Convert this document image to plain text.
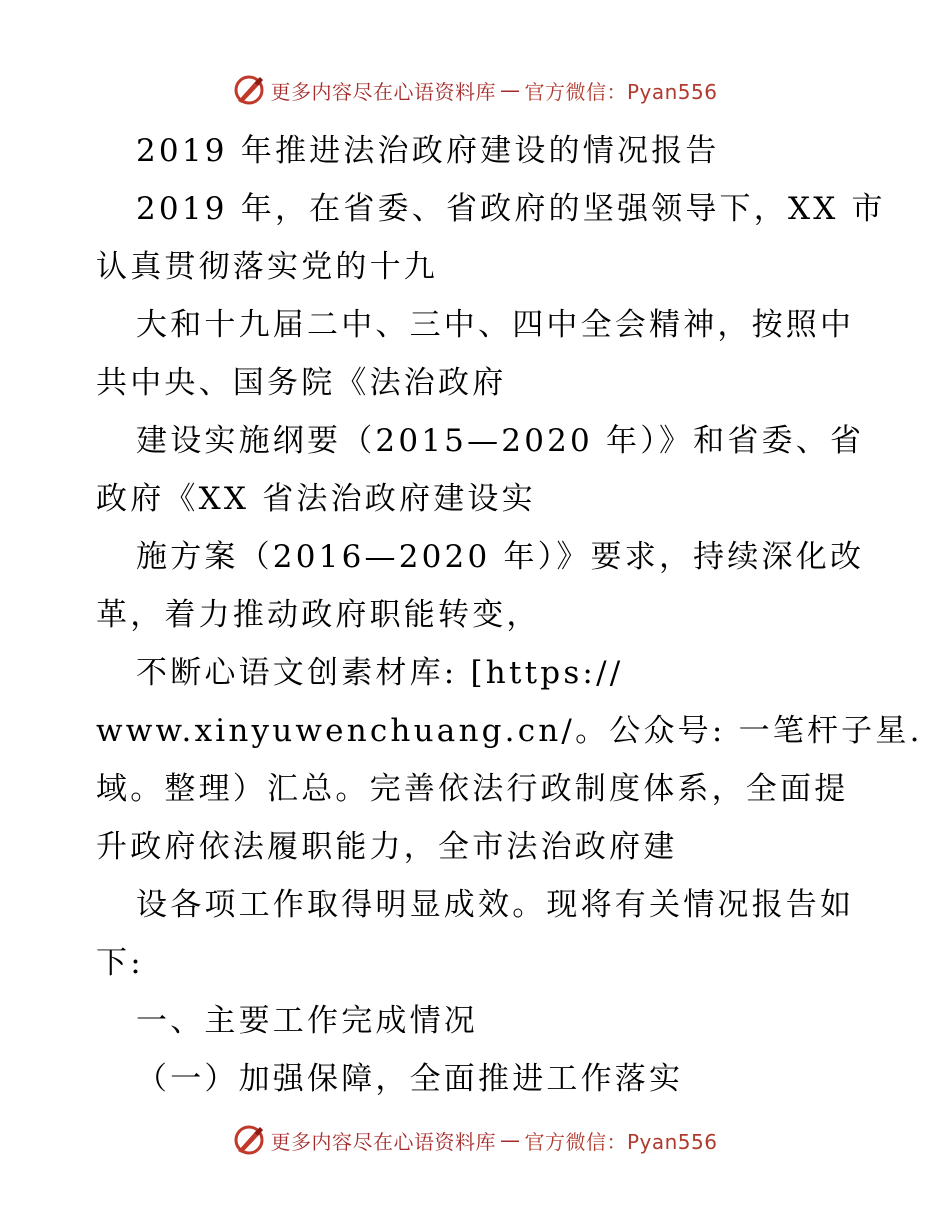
更多内容尽在心语资料库 — 官方微信：Pyan556
2019 年推进法治政府建设的情况报告
2019 年，在省委、省政府的坚强领导下，XX 市
认真贯彻落实党的十九
大和十九届二中、三中、四中全会精神，按照中
共中央、国务院《法治政府
建设实施纲要（2015—2020 年）》和省委、省
政府《XX 省法治政府建设实
施方案（2016—2020 年）》要求，持续深化改
革，着力推动政府职能转变，
不断心语文创素材库: [https://
www.xinyuwenchuang.cn/。公众号: 一笔杆子星.
域。整理）汇总。完善依法行政制度体系，全面提
升政府依法履职能力，全市法治政府建
设各项工作取得明显成效。现将有关情况报告如
下:
一、主要工作完成情况
（一）加强保障，全面推进工作落实
更多内容尽在心语资料库 — 官方微信：Pyan556
